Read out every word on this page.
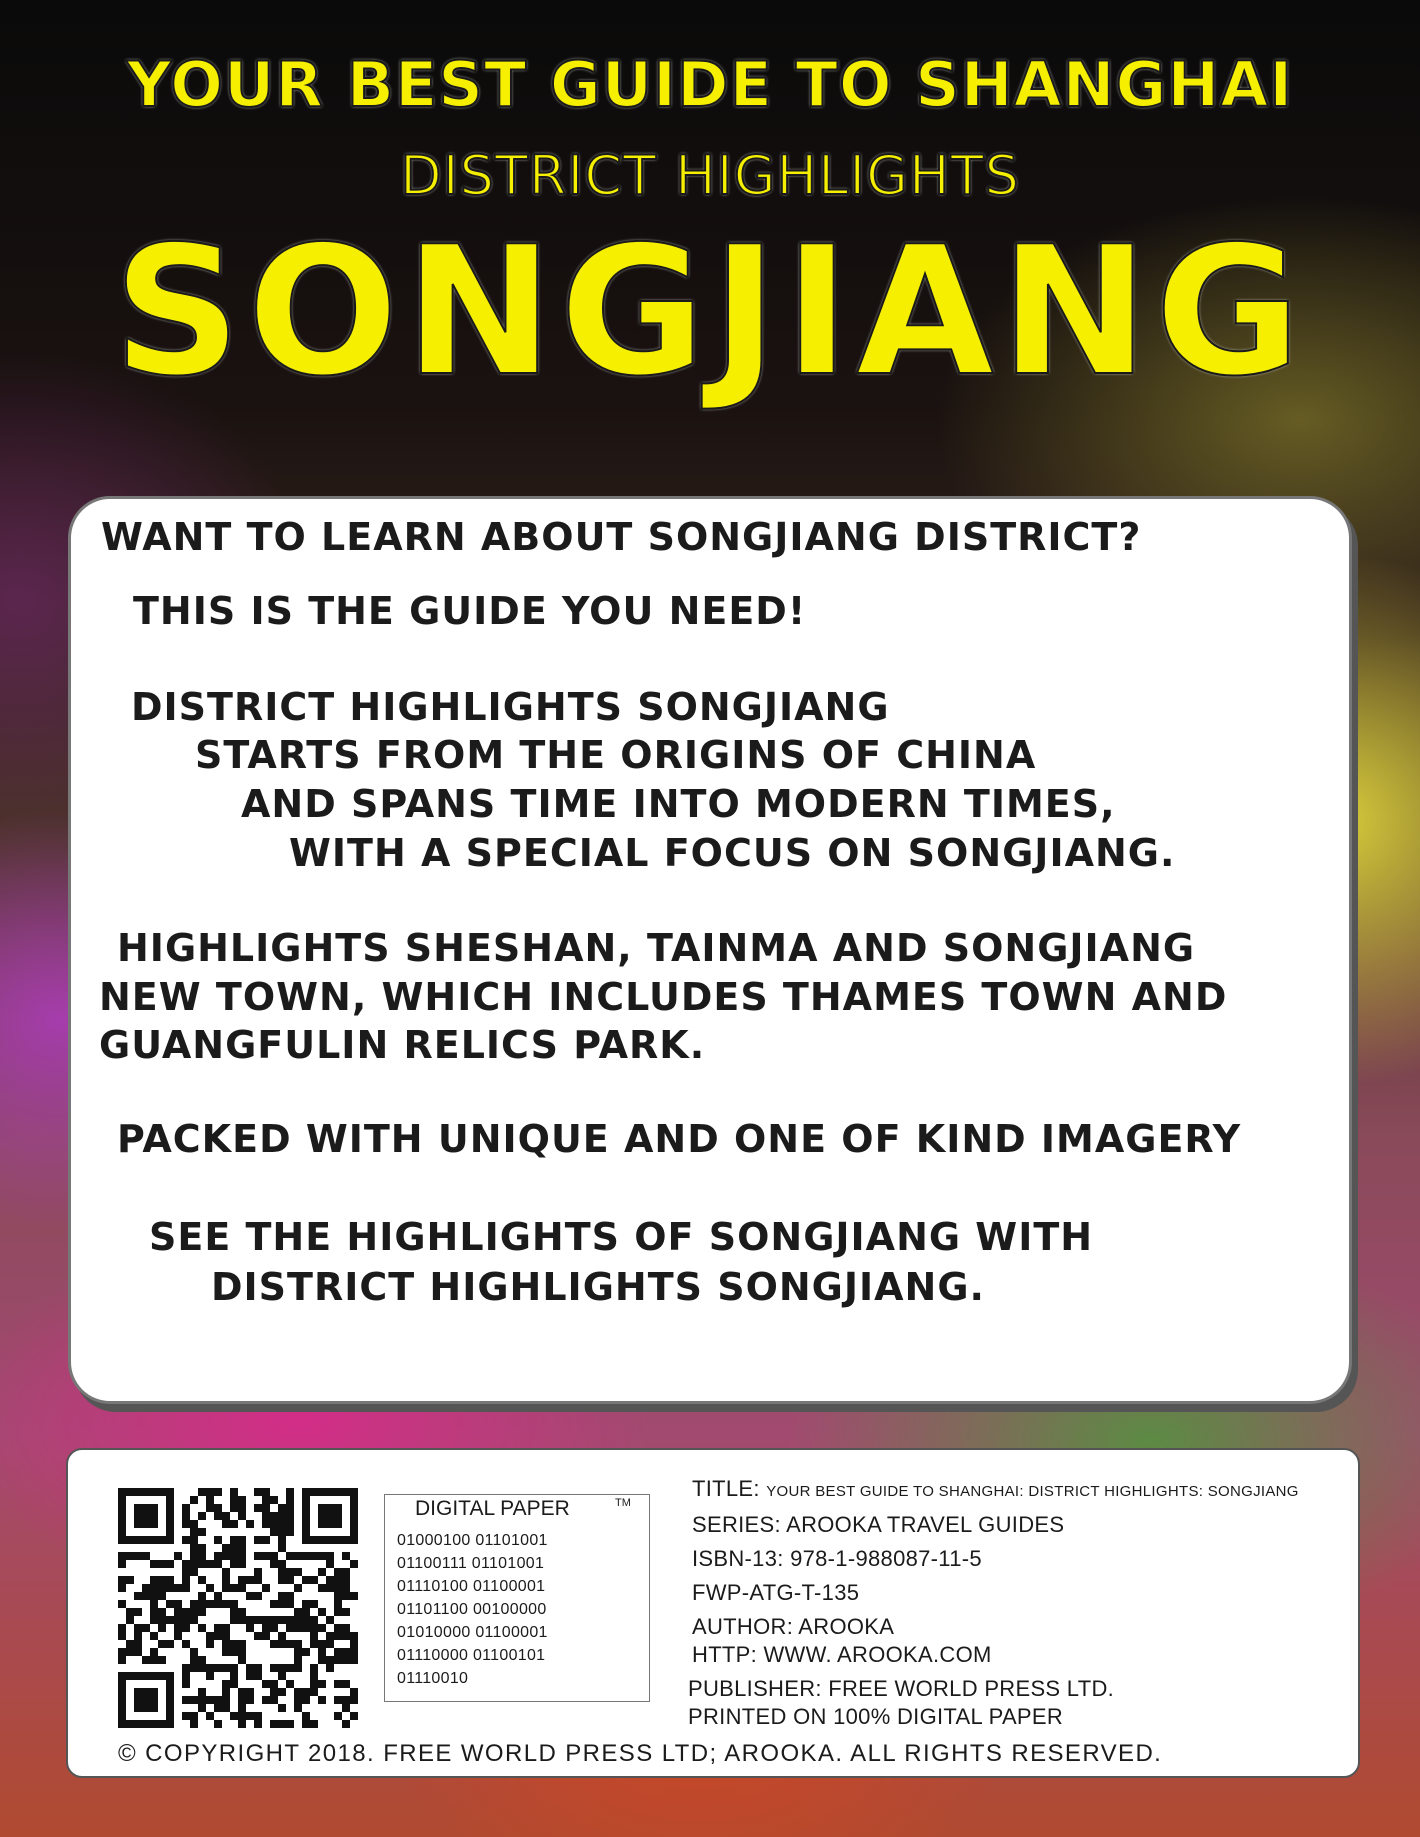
YOUR BEST GUIDE TO SHANGHAI
DISTRICT HIGHLIGHTS
SONGJIANG

WANT TO LEARN ABOUT SONGJIANG DISTRICT?

THIS IS THE GUIDE YOU NEED!

DISTRICT HIGHLIGHTS SONGJIANG

STARTS FROM THE ORIGINS OF CHINA

AND SPANS TIME INTO MODERN TIMES,

WITH A SPECIAL FOCUS ON SONGJIANG.

HIGHLIGHTS SHESHAN, TAINMA AND SONGJIANG

NEW TOWN, WHICH INCLUDES THAMES TOWN AND

GUANGFULIN RELICS PARK.

PACKED WITH UNIQUE AND ONE OF KIND IMAGERY

SEE THE HIGHLIGHTS OF SONGJIANG WITH

DISTRICT HIGHLIGHTS SONGJIANG.

DIGITAL PAPER	TM
01000100 01101001
01100111 01101001
01110100 01100001
01101100 00100000
01010000 01100001
01110000 01100101
01110010

TITLE: YOUR BEST GUIDE TO SHANGHAI: DISTRICT HIGHLIGHTS: SONGJIANG

SERIES: AROOKA TRAVEL GUIDES

ISBN-13: 978-1-988087-11-5

FWP-ATG-T-135

AUTHOR: AROOKA

HTTP: WWW. AROOKA.COM

PUBLISHER: FREE WORLD PRESS LTD.

PRINTED ON 100% DIGITAL PAPER

© COPYRIGHT 2018. FREE WORLD PRESS LTD; AROOKA. ALL RIGHTS RESERVED.
